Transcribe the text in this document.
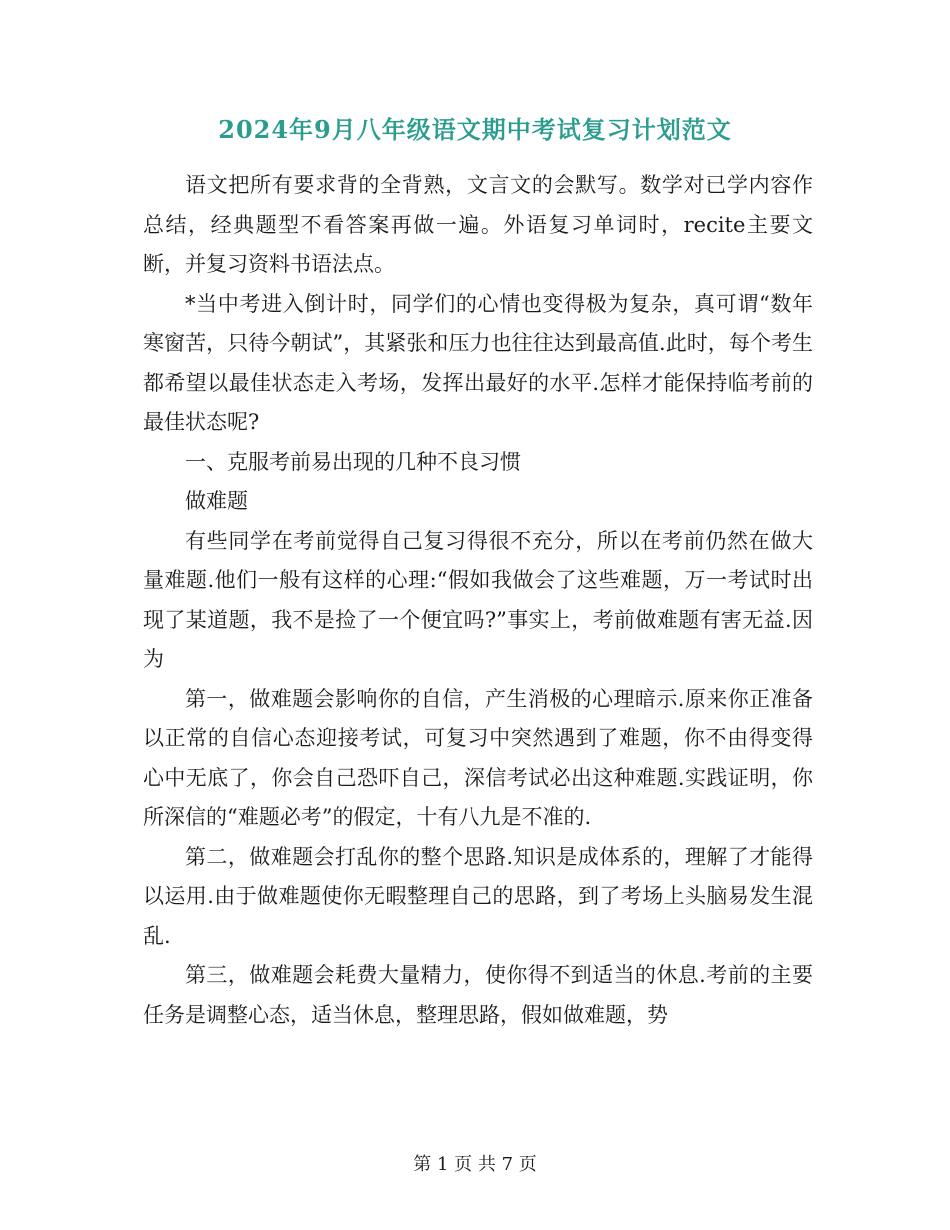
2024年9月八年级语文期中考试复习计划范文

语文把所有要求背的全背熟，文言文的会默写。数学对已学内容作总结，经典题型不看答案再做一遍。外语复习单词时，recite主要文断，并复习资料书语法点。

*当中考进入倒计时，同学们的心情也变得极为复杂，真可谓“数年寒窗苦，只待今朝试”，其紧张和压力也往往达到最高值.此时，每个考生都希望以最佳状态走入考场，发挥出最好的水平.怎样才能保持临考前的最佳状态呢?

一、克服考前易出现的几种不良习惯

做难题

有些同学在考前觉得自己复习得很不充分，所以在考前仍然在做大量难题.他们一般有这样的心理:“假如我做会了这些难题，万一考试时出现了某道题，我不是捡了一个便宜吗?”事实上，考前做难题有害无益.因为

第一，做难题会影响你的自信，产生消极的心理暗示.原来你正准备以正常的自信心态迎接考试，可复习中突然遇到了难题，你不由得变得心中无底了，你会自己恐吓自己，深信考试必出这种难题.实践证明，你所深信的“难题必考”的假定，十有八九是不准的.

第二，做难题会打乱你的整个思路.知识是成体系的，理解了才能得以运用.由于做难题使你无暇整理自己的思路，到了考场上头脑易发生混乱.

第三，做难题会耗费大量精力，使你得不到适当的休息.考前的主要任务是调整心态，适当休息，整理思路，假如做难题，势

第 1 页 共 7 页
